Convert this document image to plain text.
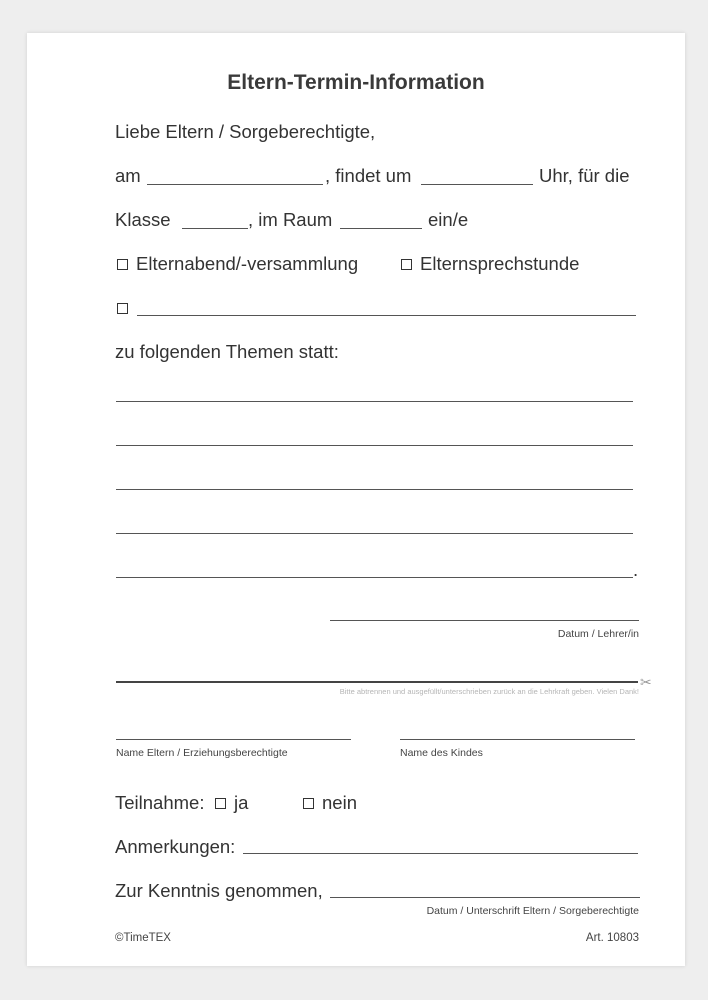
Eltern-Termin-Information
Liebe Eltern / Sorgeberechtigte,
am	, findet um	Uhr, für die
Klasse	, im Raum	ein/e
Elternabend/-versammlung	Elternsprechstunde
zu folgenden Themen statt:
.
Datum / Lehrer/in
✂
Bitte abtrennen und ausgefüllt/unterschrieben zurück an die Lehrkraft geben. Vielen Dank!
Name Eltern / Erziehungsberechtigte	Name des Kindes
Teilnahme:	ja	nein
Anmerkungen:
Zur Kenntnis genommen,
Datum / Unterschrift Eltern / Sorgeberechtigte
©TimeTEX	Art. 10803
